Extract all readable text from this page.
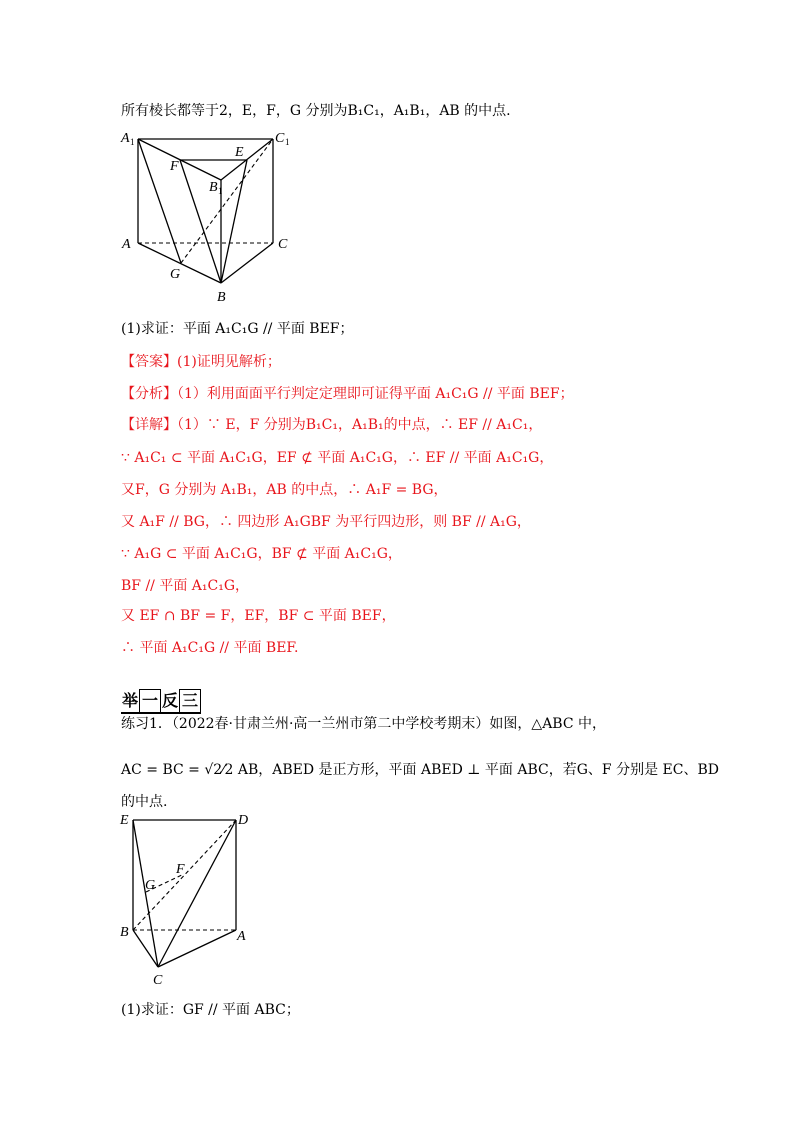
所有棱长都等于2，E，F，G 分别为B₁C₁，A₁B₁，AB 的中点.
A 1	C 1
F
E
B 1
A	C
G
B
(1)求证：平面 A₁C₁G // 平面 BEF；
【答案】(1)证明见解析；
【分析】（1）利用面面平行判定定理即可证得平面 A₁C₁G // 平面 BEF；
【详解】（1）∵ E，F 分别为B₁C₁，A₁B₁的中点，∴ EF // A₁C₁，
∵ A₁C₁ ⊂ 平面 A₁C₁G，EF ⊄ 平面 A₁C₁G，∴ EF // 平面 A₁C₁G，
又F，G 分别为 A₁B₁，AB 的中点，∴ A₁F = BG，
又 A₁F // BG，∴ 四边形 A₁GBF 为平行四边形，则 BF // A₁G，
∵ A₁G ⊂ 平面 A₁C₁G，BF ⊄ 平面 A₁C₁G，
BF // 平面 A₁C₁G，
又 EF ∩ BF = F，EF，BF ⊂ 平面 BEF，
∴ 平面 A₁C₁G // 平面 BEF.
举 一 反 三
练习1．（2022春·甘肃兰州·高一兰州市第二中学校考期末）如图，△ABC 中，
AC = BC = √2⁄2 AB，ABED 是正方形，平面 ABED ⊥ 平面 ABC，若G、F 分别是 EC、BD
的中点.
E	D
F
G
B	A
C
(1)求证：GF // 平面 ABC；
